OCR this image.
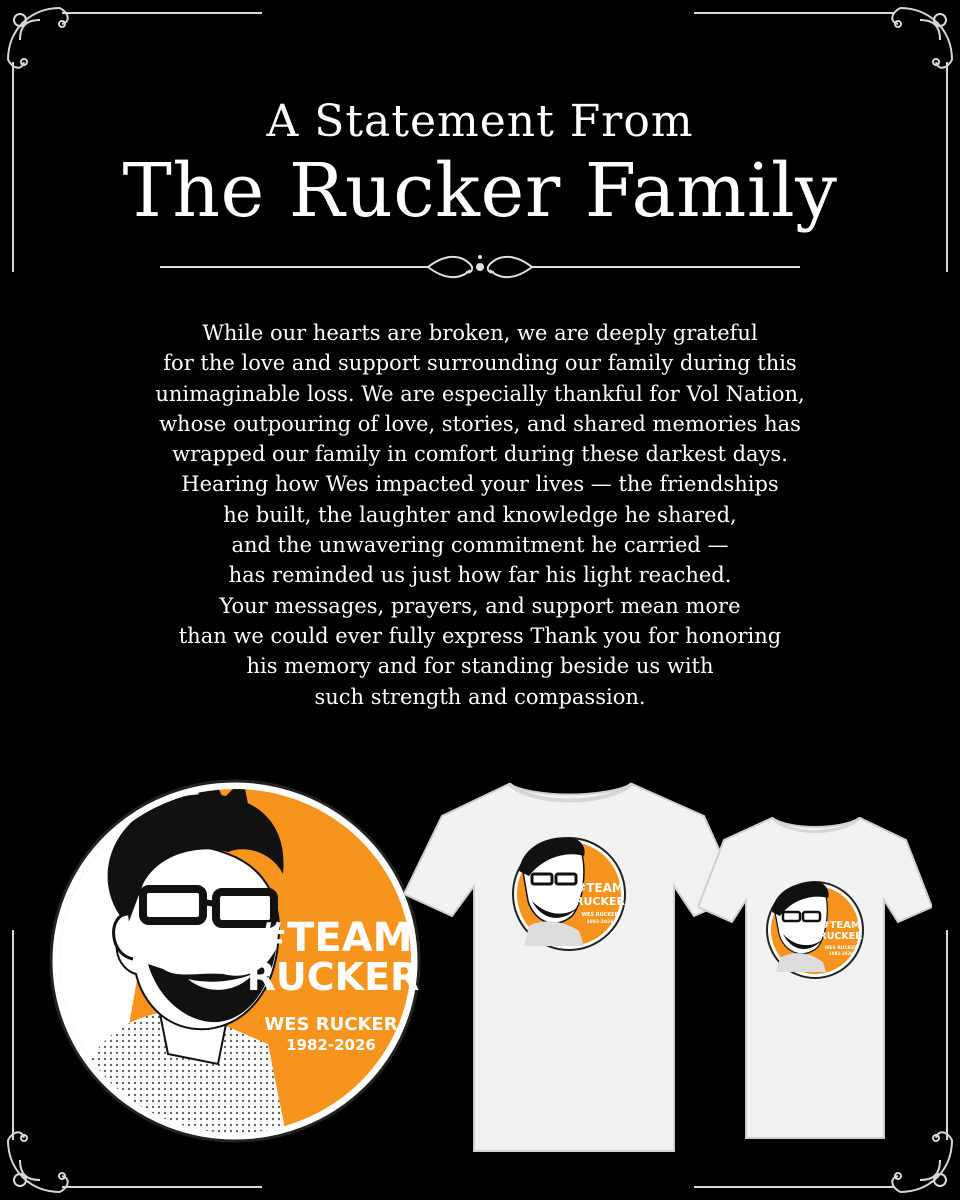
A Statement From
The Rucker Family
While our hearts are broken, we are deeply grateful
for the love and support surrounding our family during this
unimaginable loss. We are especially thankful for Vol Nation,
whose outpouring of love, stories, and shared memories has
wrapped our family in comfort during these darkest days.
Hearing how Wes impacted your lives — the friendships
he built, the laughter and knowledge he shared,
and the unwavering commitment he carried —
has reminded us just how far his light reached.
Your messages, prayers, and support mean more
than we could ever fully express Thank you for honoring
his memory and for standing beside us with
such strength and compassion.
#TEAM
RUCKER
WES RUCKER
1982-2026
#TEAM
RUCKER
WES RUCKER
1982-2026	#TEAM
RUCKER
WES RUCKER
1982-2026
